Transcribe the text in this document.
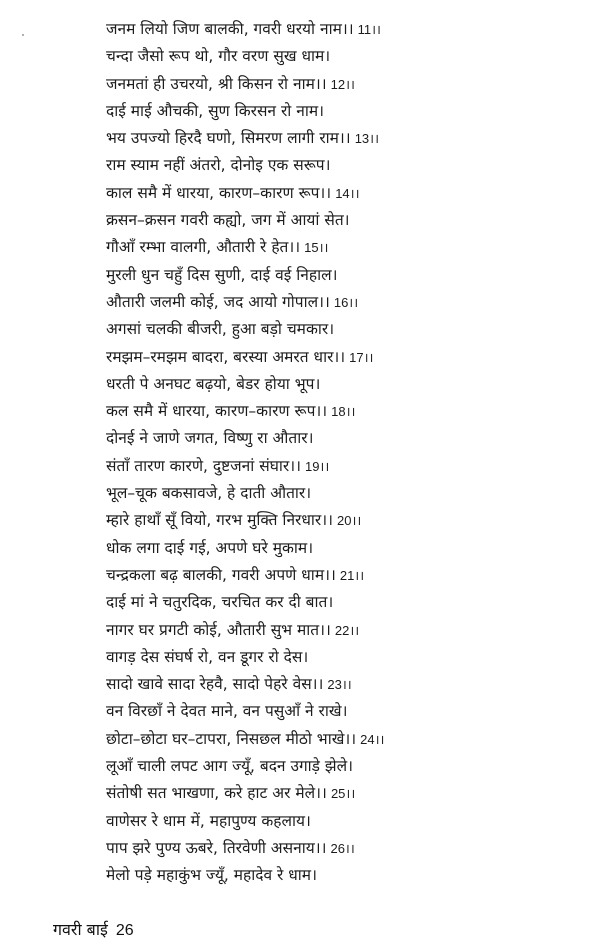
जनम लियो जिण बालकी, गवरी धरयो नाम।। 11।।
चन्दा जैसो रूप थो, गौर वरण सुख धाम।
जनमतां ही उचरयो, श्री किसन रो नाम।। 12।।
दाई माई औचकी, सुण किरसन रो नाम।
भय उपज्यो हिरदै घणो, सिमरण लागी राम।। 13।।
राम स्याम नहीं अंतरो, दोनोइ एक सरूप।
काल समै में धारया, कारण–कारण रूप।। 14।।
क्रसन–क्रसन गवरी कह्यो, जग में आयां सेत।
गौआँ रम्भा वालगी, औतारी रे हेत।। 15।।
मुरली धुन चहुँ दिस सुणी, दाई वई निहाल।
औतारी जलमी कोई, जद आयो गोपाल।। 16।।
अगसां चलकी बीजरी, हुआ बड़ो चमकार।
रमझम–रमझम बादरा, बरस्या अमरत धार।। 17।।
धरती पे अनघट बढ़यो, बेडर होया भूप।
कल समै में धारया, कारण–कारण रूप।। 18।।
दोनई ने जाणे जगत, विष्णु रा औतार।
संताँ तारण कारणे, दुष्टजनां संघार।। 19।।
भूल–चूक बकसावजे, हे दाती औतार।
म्हारे हाथाँ सूँ वियो, गरभ मुक्ति निरधार।। 20।।
धोक लगा दाई गई, अपणे घरे मुकाम।
चन्द्रकला बढ़ बालकी, गवरी अपणे धाम।। 21।।
दाई मां ने चतुरदिक, चरचित कर दी बात।
नागर घर प्रगटी कोई, औतारी सुभ मात।। 22।।
वागड़ देस संघर्ष रो, वन डूगर रो देस।
सादो खावे सादा रेहवै, सादो पेहरे वेस।। 23।।
वन विरछाँ ने देवत माने, वन पसुआँ ने राखे।
छोटा–छोटा घर–टापरा, निसछल मीठो भाखे।। 24।।
लूआँ चाली लपट आग ज्यूँ, बदन उगाड़े झेले।
संतोषी सत भाखणा, करे हाट अर मेले।। 25।।
वाणेसर रे धाम में, महापुण्य कहलाय।
पाप झरे पुण्य ऊबरे, तिरवेणी असनाय।। 26।।
मेलो पड़े महाकुंभ ज्यूँ, महादेव रे धाम।
गवरी बाई 26
